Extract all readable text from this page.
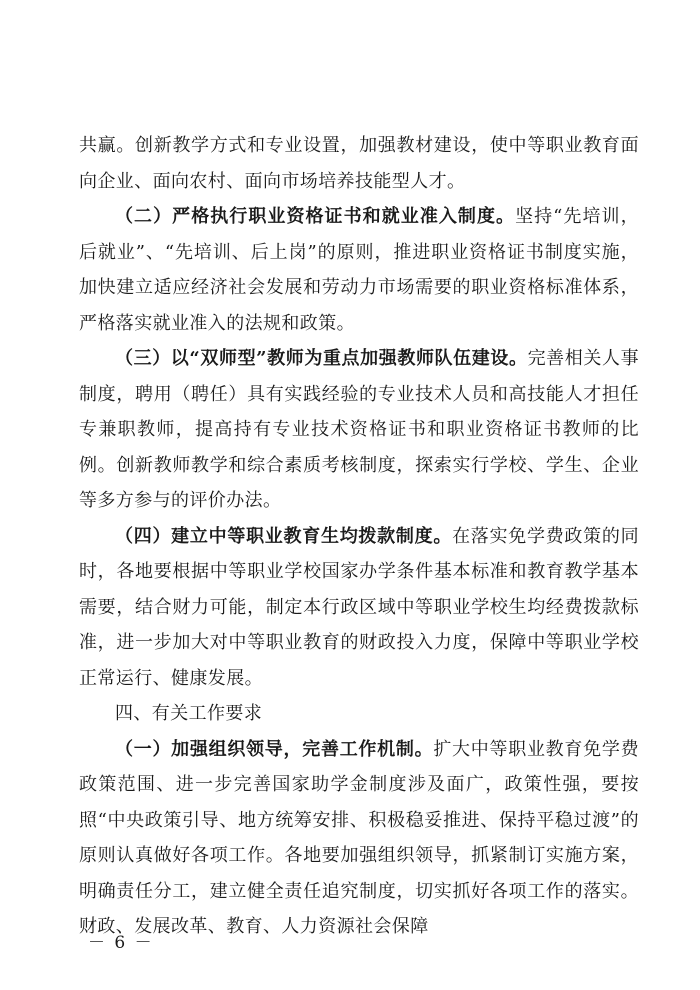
共赢。创新教学方式和专业设置，加强教材建设，使中等职业教育面向企业、面向农村、面向市场培养技能型人才。

（二）严格执行职业资格证书和就业准入制度。坚持“先培训，后就业”、“先培训、后上岗”的原则，推进职业资格证书制度实施，加快建立适应经济社会发展和劳动力市场需要的职业资格标准体系，严格落实就业准入的法规和政策。

（三）以“双师型”教师为重点加强教师队伍建设。完善相关人事制度，聘用（聘任）具有实践经验的专业技术人员和高技能人才担任专兼职教师，提高持有专业技术资格证书和职业资格证书教师的比例。创新教师教学和综合素质考核制度，探索实行学校、学生、企业等多方参与的评价办法。

（四）建立中等职业教育生均拨款制度。在落实免学费政策的同时，各地要根据中等职业学校国家办学条件基本标准和教育教学基本需要，结合财力可能，制定本行政区域中等职业学校生均经费拨款标准，进一步加大对中等职业教育的财政投入力度，保障中等职业学校正常运行、健康发展。

四、有关工作要求

（一）加强组织领导，完善工作机制。扩大中等职业教育免学费政策范围、进一步完善国家助学金制度涉及面广，政策性强，要按照“中央政策引导、地方统筹安排、积极稳妥推进、保持平稳过渡”的原则认真做好各项工作。各地要加强组织领导，抓紧制订实施方案，明确责任分工，建立健全责任追究制度，切实抓好各项工作的落实。财政、发展改革、教育、人力资源社会保障

－ 6 －
